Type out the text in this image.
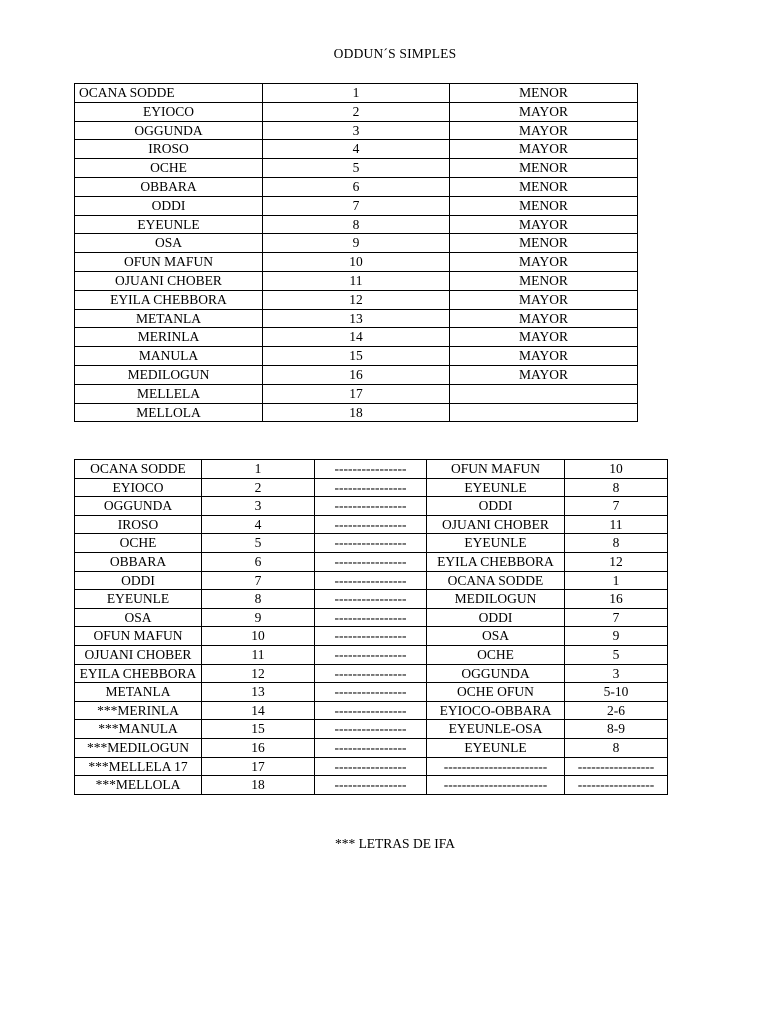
ODDUN´S SIMPLES
OCANA SODDE	1	MENOR
EYIOCO	2	MAYOR
OGGUNDA	3	MAYOR
IROSO	4	MAYOR
OCHE	5	MENOR
OBBARA	6	MENOR
ODDI	7	MENOR
EYEUNLE	8	MAYOR
OSA	9	MENOR
OFUN MAFUN	10	MAYOR
OJUANI CHOBER	11	MENOR
EYILA CHEBBORA	12	MAYOR
METANLA	13	MAYOR
MERINLA	14	MAYOR
MANULA	15	MAYOR
MEDILOGUN	16	MAYOR
MELLELA	17	
MELLOLA	18	
OCANA SODDE	1	----------------	OFUN MAFUN	10
EYIOCO	2	----------------	EYEUNLE	8
OGGUNDA	3	----------------	ODDI	7
IROSO	4	----------------	OJUANI CHOBER	11
OCHE	5	----------------	EYEUNLE	8
OBBARA	6	----------------	EYILA CHEBBORA	12
ODDI	7	----------------	OCANA SODDE	1
EYEUNLE	8	----------------	MEDILOGUN	16
OSA	9	----------------	ODDI	7
OFUN MAFUN	10	----------------	OSA	9
OJUANI CHOBER	11	----------------	OCHE	5
EYILA CHEBBORA	12	----------------	OGGUNDA	3
METANLA	13	----------------	OCHE OFUN	5-10
***MERINLA	14	----------------	EYIOCO-OBBARA	2-6
***MANULA	15	----------------	EYEUNLE-OSA	8-9
***MEDILOGUN	16	----------------	EYEUNLE	8
***MELLELA 17	17	----------------	-----------------------	-----------------
***MELLOLA	18	----------------	-----------------------	-----------------
*** LETRAS DE IFA
